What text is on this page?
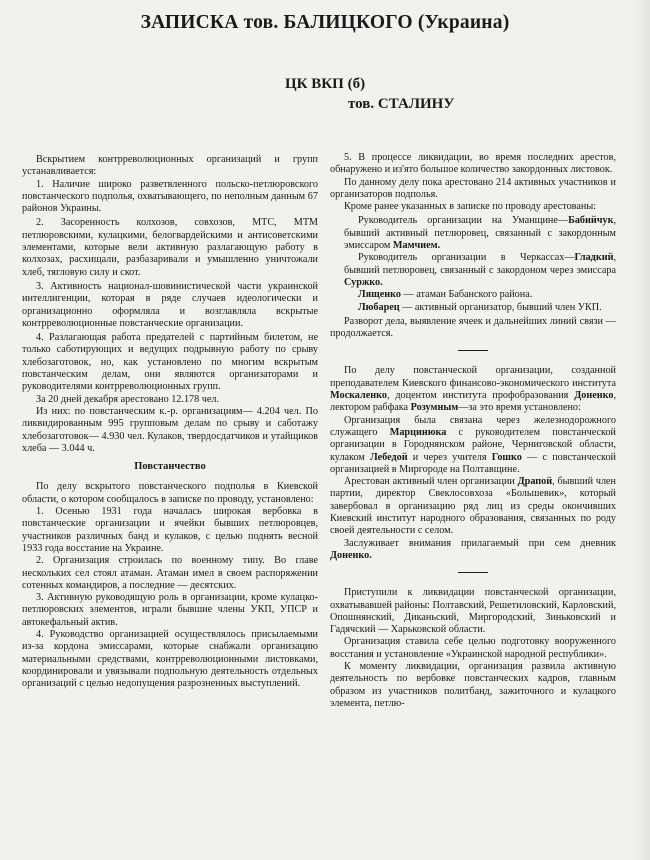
ЗАПИСКА тов. БАЛИЦКОГО (Украина)
ЦК ВКП (б)
тов. СТАЛИНУ

Вскрытием контрреволюционных организаций и групп устанавливается:

1. Наличие широко разветвленного польско-петлюровского повстанческого подполья, охватывающего, по неполным данным 67 районов Украины.

2. Засоренность колхозов, совхозов, МТС, МТМ петлюровскими, кулацкими, белогвардейскими и антисоветскими элементами, которые вели активную разлагающую работу в колхозах, расхищали, разбазаривали и умышленно уничтожали хлеб, тягловую силу и скот.

3. Активность национал-шовинистической части украинской интеллигенции, которая в ряде случаев идеологически и организационно оформляла и возглавляла вскрытые контрреволюционные повстанческие организации.

4. Разлагающая работа предателей с партийным билетом, не только саботирующих и ведущих подрывную работу по срыву хлебозаготовок, но, как установлено по многим вскрытым повстанческим делам, они являются организаторами и руководителями контрреволюционных групп.

За 20 дней декабря арестовано 12.178 чел.

Из них: по повстанческим к.-р. организациям— 4.204 чел. По ликвидированным 995 групповым делам по срыву и саботажу хлебозаготовок— 4.930 чел. Кулаков, твердосдатчиков и утайщиков хлеба — 3.044 ч.

Повстанчество

По делу вскрытого повстанческого подполья в Киевской области, о котором сообщалось в записке по проводу, установлено:

1. Осенью 1931 года началась широкая вербовка в повстанческие организации и ячейки бывших петлюровцев, участников различных банд и кулаков, с целью поднять весной 1933 года восстание на Украине.

2. Организация строилась по военному типу. Во главе нескольких сел стоял атаман. Атаман имел в своем распоряжении сотенных командиров, а последние — десятских.

3. Активную руководящую роль в организации, кроме кулацко-петлюровских элементов, играли бывшие члены УКП, УПСР и автокефальный актив.

4. Руководство организацией осуществлялось присылаемыми из-за кордона эмиссарами, которые снабжали организацию материальными средствами, контрреволюционными листовками, координировали и увязывали подпольную деятельность отдельных организаций с целью недопущения разрозненных выступлений.

5. В процессе ликвидации, во время последних арестов, обнаружено и из'ято большое количество закордонных листовок.

По данному делу пока арестовано 214 активных участников и организаторов подполья.

Кроме ранее указанных в записке по проводу арестованы:

Руководитель организации на Уманщине—Бабийчук, бывший активный петлюровец, связанный с закордонным эмиссаром Мамчием.

Руководитель организации в Черкассах—Гладкий, бывший петлюровец, связанный с закордоном через эмиссара Суржко.

Лященко — атаман Бабанского района.

Любарец — активный организатор, бывший член УКП.

Разворот дела, выявление ячеек и дальнейших линий связи — продолжается.

По делу повстанческой организации, созданной преподавателем Киевского финансово-экономического института Москаленко, доцентом института профобразования Доненко, лектором рабфака Розумным—за это время установлено:

Организация была связана через железнодорожного служащего Марцинюка с руководителем повстанческой организации в Городнянском районе, Черниговской области, кулаком Лебедой и через учителя Гошко — с повстанческой организацией в Миргороде на Полтавщине.

Арестован активный член организации Драпой, бывший член партии, директор Свеклосовхоза «Большевик», который завербовал в организацию ряд лиц из среды окончивших Киевский институт народного образования, связанных по роду своей деятельности с селом.

Заслуживает внимания прилагаемый при сем дневник Доненко.

Приступили к ликвидации повстанческой организации, охватывавшей районы: Полтавский, Решетиловский, Карловский, Опошнянский, Диканьский, Миргородский, Зиньковский и Гадячский — Харьковской области.

Организация ставила себе целью подготовку вооруженного восстания и установление «Украинской народной республики».

К моменту ликвидации, организация развила активную деятельность по вербовке повстанческих кадров, главным образом из участников политбанд, зажиточного и кулацкого элемента, петлю-
